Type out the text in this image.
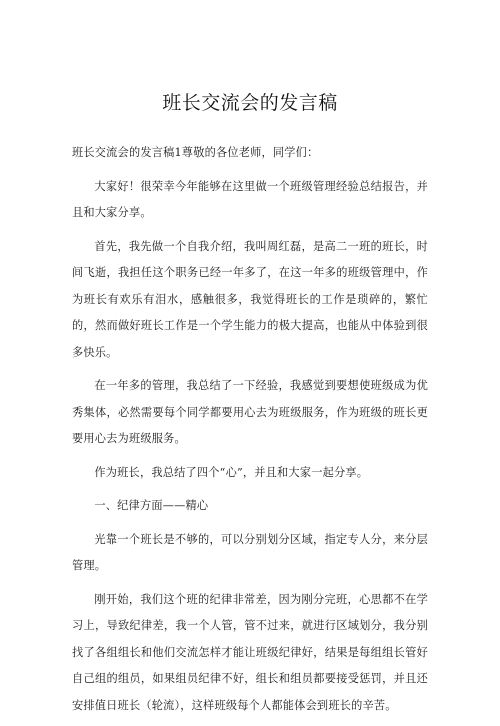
班长交流会的发言稿

班长交流会的发言稿1尊敬的各位老师，同学们：

大家好！很荣幸今年能够在这里做一个班级管理经验总结报告，并且和大家分享。

首先，我先做一个自我介绍，我叫周红磊，是高二一班的班长，时间飞逝，我担任这个职务已经一年多了，在这一年多的班级管理中，作为班长有欢乐有泪水，感触很多，我觉得班长的工作是琐碎的，繁忙的，然而做好班长工作是一个学生能力的极大提高，也能从中体验到很多快乐。

在一年多的管理，我总结了一下经验，我感觉到要想使班级成为优秀集体，必然需要每个同学都要用心去为班级服务，作为班级的班长更要用心去为班级服务。

作为班长，我总结了四个“心”，并且和大家一起分享。

一、纪律方面——精心

光靠一个班长是不够的，可以分别划分区域，指定专人分，来分层管理。

刚开始，我们这个班的纪律非常差，因为刚分完班，心思都不在学习上，导致纪律差，我一个人管，管不过来，就进行区域划分，我分别找了各组组长和他们交流怎样才能让班级纪律好，结果是每组组长管好自己组的组员，如果组员纪律不好，组长和组员都要接受惩罚，并且还安排值日班长（轮流），这样班级每个人都能体会到班长的辛苦。
